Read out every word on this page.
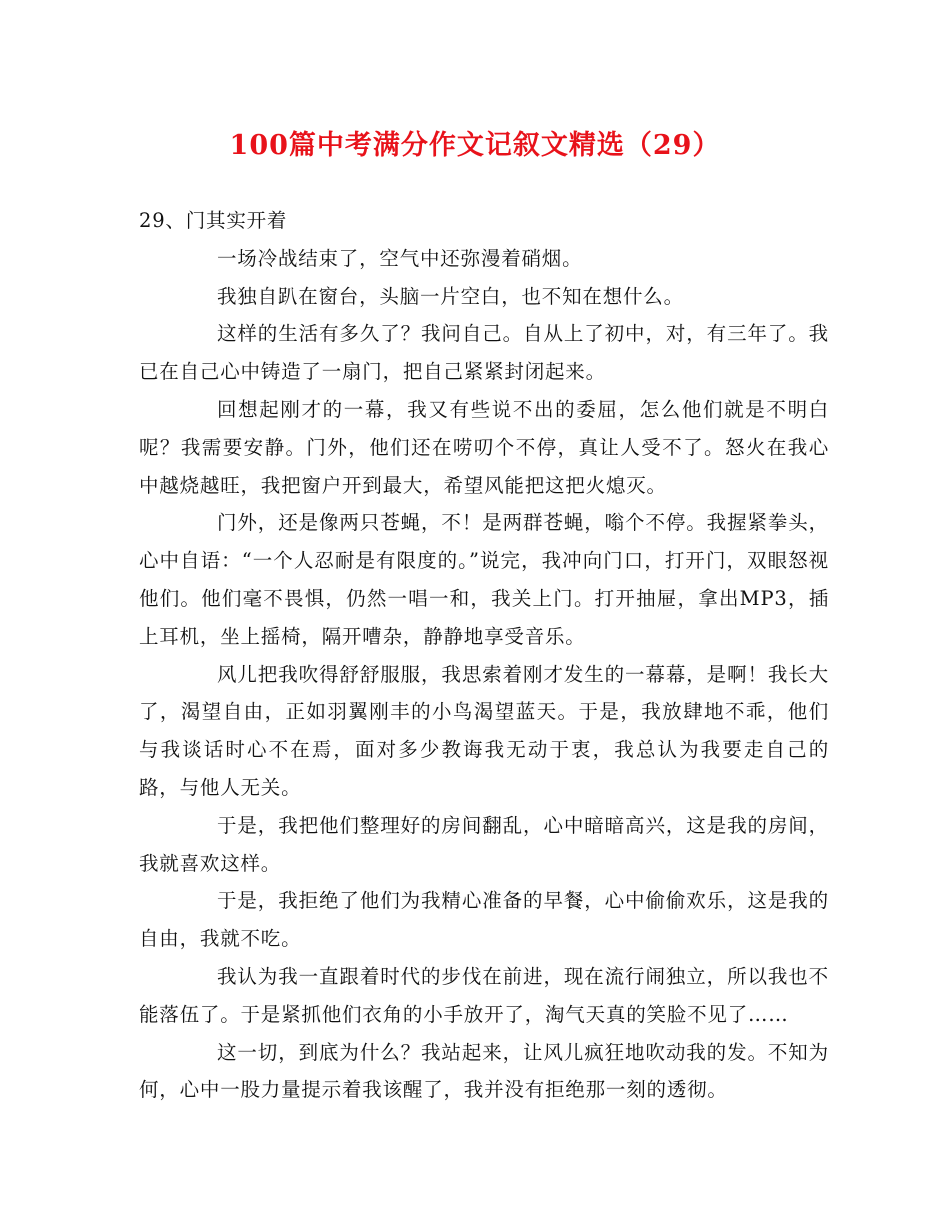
100篇中考满分作文记叙文精选（29）

29、门其实开着

一场冷战结束了，空气中还弥漫着硝烟。

我独自趴在窗台，头脑一片空白，也不知在想什么。

这样的生活有多久了？我问自己。自从上了初中，对，有三年了。我已在自己心中铸造了一扇门，把自己紧紧封闭起来。

回想起刚才的一幕，我又有些说不出的委屈，怎么他们就是不明白呢？我需要安静。门外，他们还在唠叨个不停，真让人受不了。怒火在我心中越烧越旺，我把窗户开到最大，希望风能把这把火熄灭。

门外，还是像两只苍蝇，不！是两群苍蝇，嗡个不停。我握紧拳头，心中自语：“一个人忍耐是有限度的。”说完，我冲向门口，打开门，双眼怒视他们。他们毫不畏惧，仍然一唱一和，我关上门。打开抽屉，拿出MP3，插上耳机，坐上摇椅，隔开嘈杂，静静地享受音乐。

风儿把我吹得舒舒服服，我思索着刚才发生的一幕幕，是啊！我长大了，渴望自由，正如羽翼刚丰的小鸟渴望蓝天。于是，我放肆地不乖，他们与我谈话时心不在焉，面对多少教诲我无动于衷，我总认为我要走自己的路，与他人无关。

于是，我把他们整理好的房间翻乱，心中暗暗高兴，这是我的房间，我就喜欢这样。

于是，我拒绝了他们为我精心准备的早餐，心中偷偷欢乐，这是我的自由，我就不吃。

我认为我一直跟着时代的步伐在前进，现在流行闹独立，所以我也不能落伍了。于是紧抓他们衣角的小手放开了，淘气天真的笑脸不见了……

这一切，到底为什么？我站起来，让风儿疯狂地吹动我的发。不知为何，心中一股力量提示着我该醒了，我并没有拒绝那一刻的透彻。
